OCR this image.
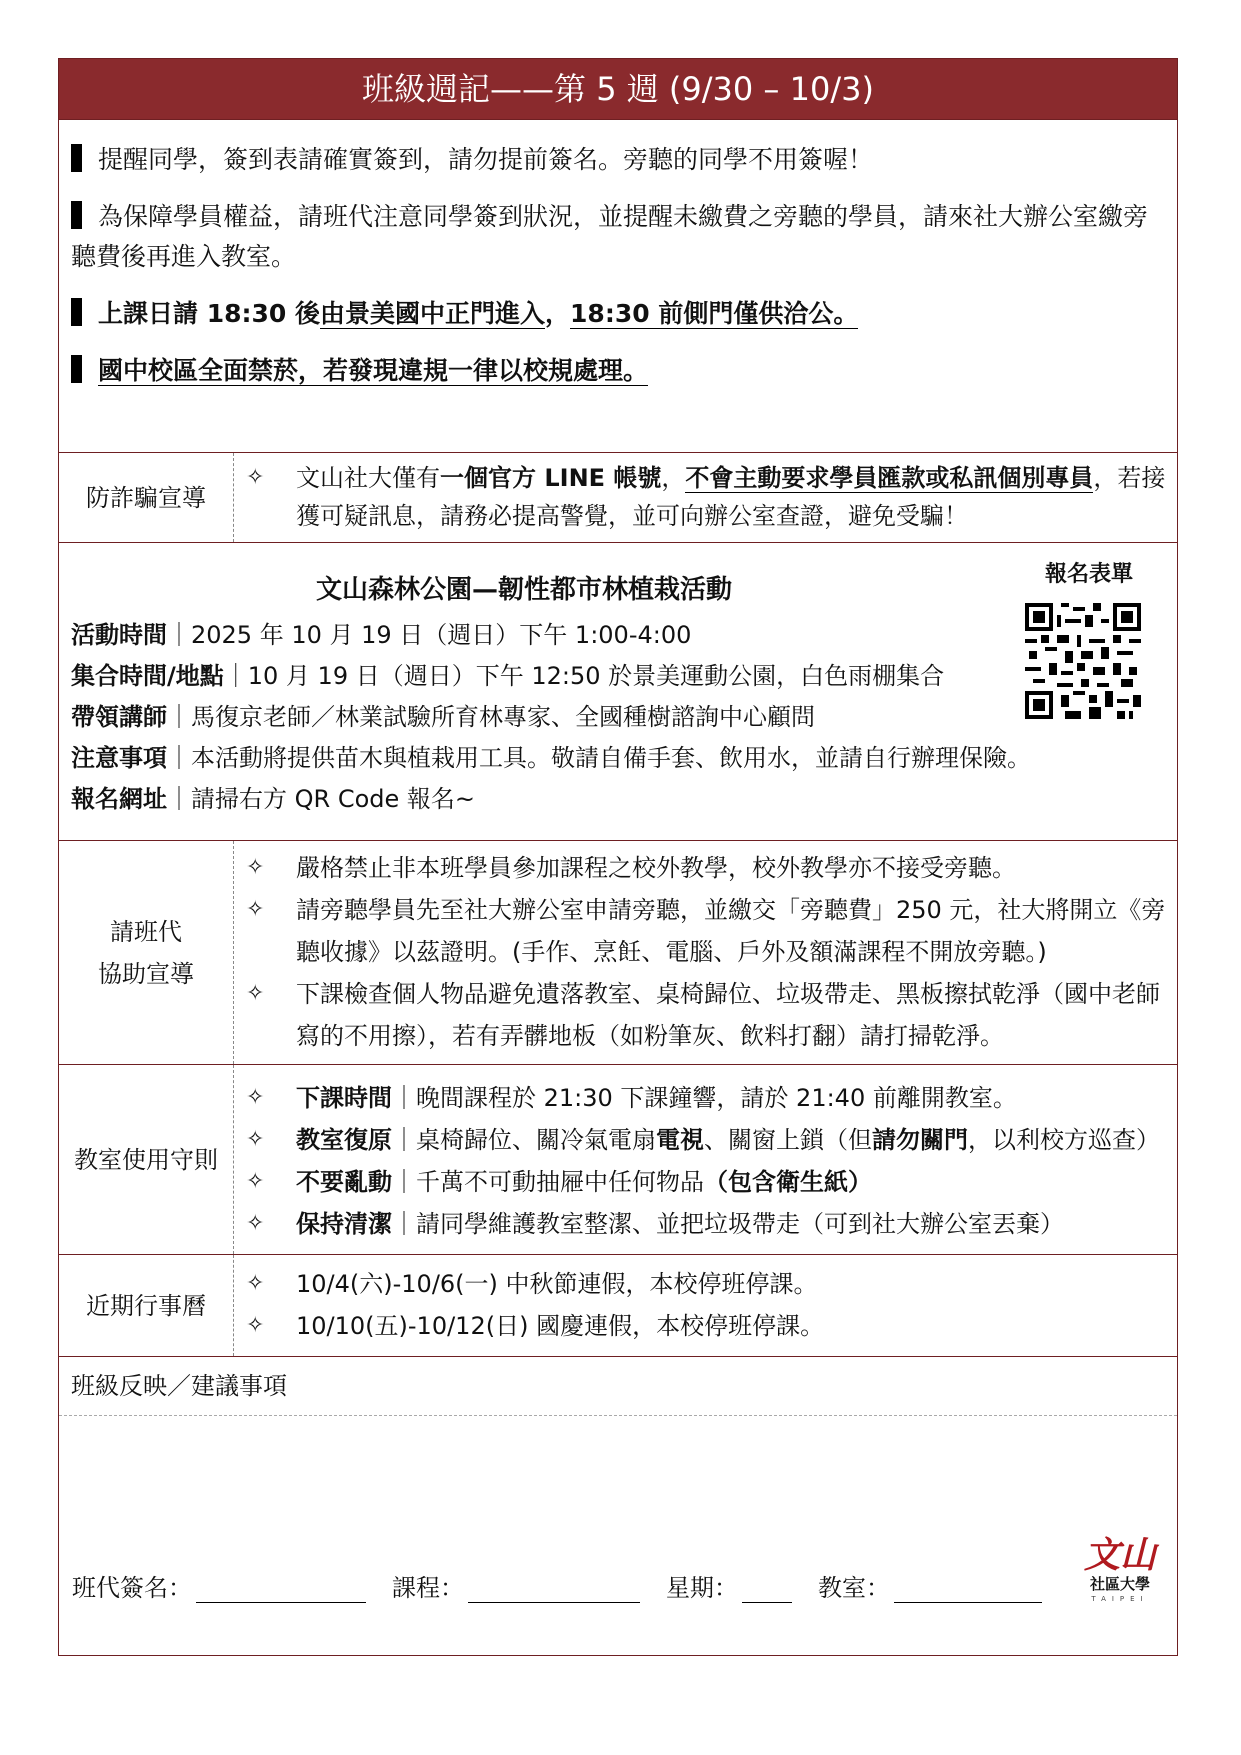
班級週記——第 5 週 (9/30 – 10/3)
提醒同學，簽到表請確實簽到，請勿提前簽名。旁聽的同學不用簽喔！
為保障學員權益，請班代注意同學簽到狀況，並提醒未繳費之旁聽的學員，請來社大辦公室繳旁聽費後再進入教室。
上課日請 18:30 後由景美國中正門進入，18:30 前側門僅供洽公。
國中校區全面禁菸，若發現違規一律以校規處理。
防詐騙宣導
✧	文山社大僅有一個官方 LINE 帳號，不會主動要求學員匯款或私訊個別專員，若接獲可疑訊息，請務必提高警覺，並可向辦公室查證，避免受騙！
文山森林公園—韌性都市林植栽活動
報名表單
活動時間｜2025 年 10 月 19 日（週日）下午 1:00-4:00
集合時間/地點｜10 月 19 日（週日）下午 12:50 於景美運動公園，白色雨棚集合
帶領講師｜馬復京老師／林業試驗所育林專家、全國種樹諮詢中心顧問
注意事項｜本活動將提供苗木與植栽用工具。敬請自備手套、飲用水，並請自行辦理保險。
報名網址｜請掃右方 QR Code 報名~
請班代
協助宣導
✧	嚴格禁止非本班學員參加課程之校外教學，校外教學亦不接受旁聽。
✧	請旁聽學員先至社大辦公室申請旁聽，並繳交「旁聽費」250 元，社大將開立《旁聽收據》以茲證明。(手作、烹飪、電腦、戶外及額滿課程不開放旁聽。)
✧	下課檢查個人物品避免遺落教室、桌椅歸位、垃圾帶走、黑板擦拭乾淨（國中老師寫的不用擦），若有弄髒地板（如粉筆灰、飲料打翻）請打掃乾淨。
教室使用守則
✧	下課時間｜晚間課程於 21:30 下課鐘響，請於 21:40 前離開教室。
✧	教室復原｜桌椅歸位、關冷氣電扇電視、關窗上鎖（但請勿關門，以利校方巡查）
✧	不要亂動｜千萬不可動抽屜中任何物品（包含衛生紙）
✧	保持清潔｜請同學維護教室整潔、並把垃圾帶走（可到社大辦公室丟棄）
近期行事曆
✧	10/4(六)-10/6(一) 中秋節連假，本校停班停課。
✧	10/10(五)-10/12(日) 國慶連假，本校停班停課。
班級反映／建議事項
班代簽名：	課程：	星期：	教室：
文山
社區大學
TAIPEI
